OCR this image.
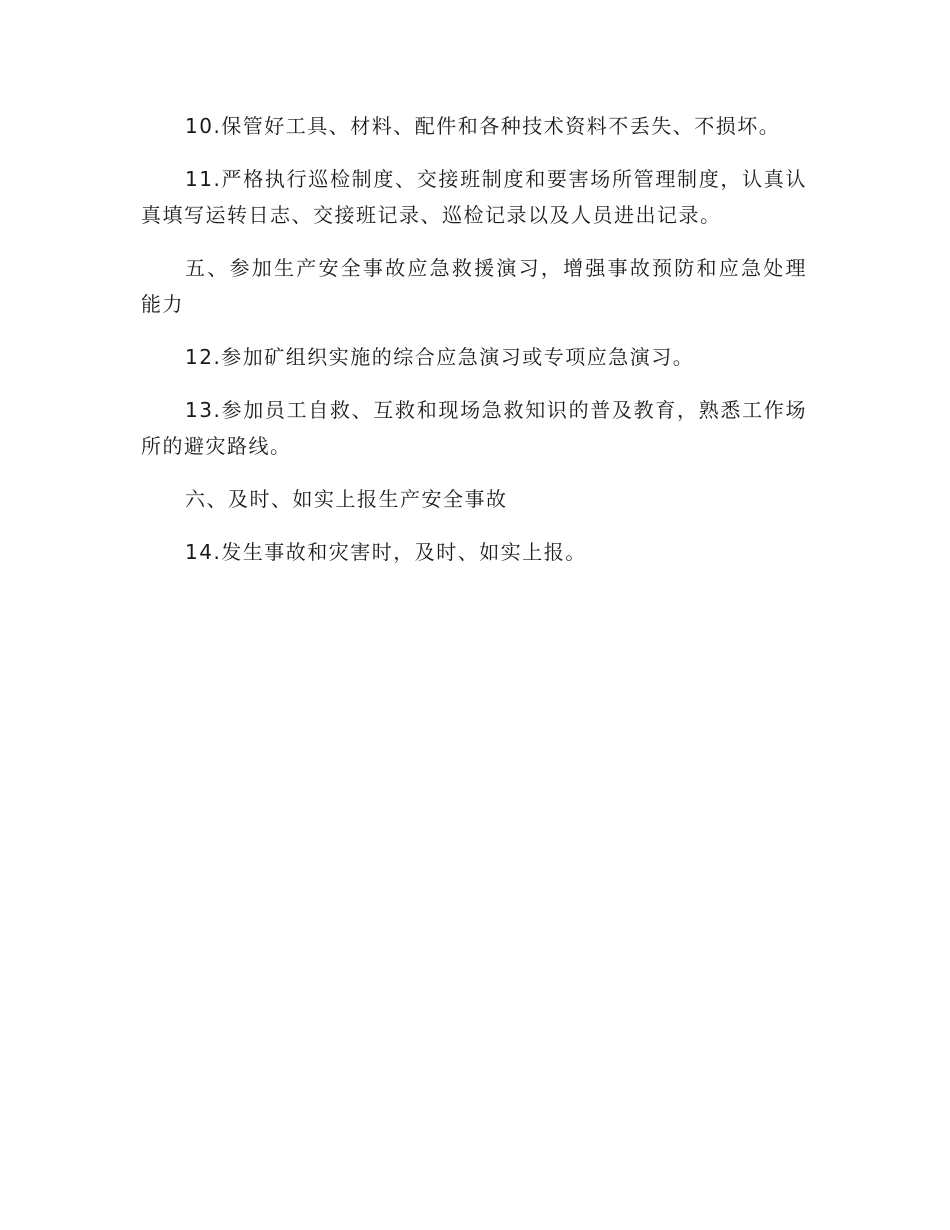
10.保管好工具、材料、配件和各种技术资料不丢失、不损坏。

11.严格执行巡检制度、交接班制度和要害场所管理制度，认真认真填写运转日志、交接班记录、巡检记录以及人员进出记录。

五、参加生产安全事故应急救援演习，增强事故预防和应急处理能力

12.参加矿组织实施的综合应急演习或专项应急演习。

13.参加员工自救、互救和现场急救知识的普及教育，熟悉工作场所的避灾路线。

六、及时、如实上报生产安全事故

14.发生事故和灾害时，及时、如实上报。
